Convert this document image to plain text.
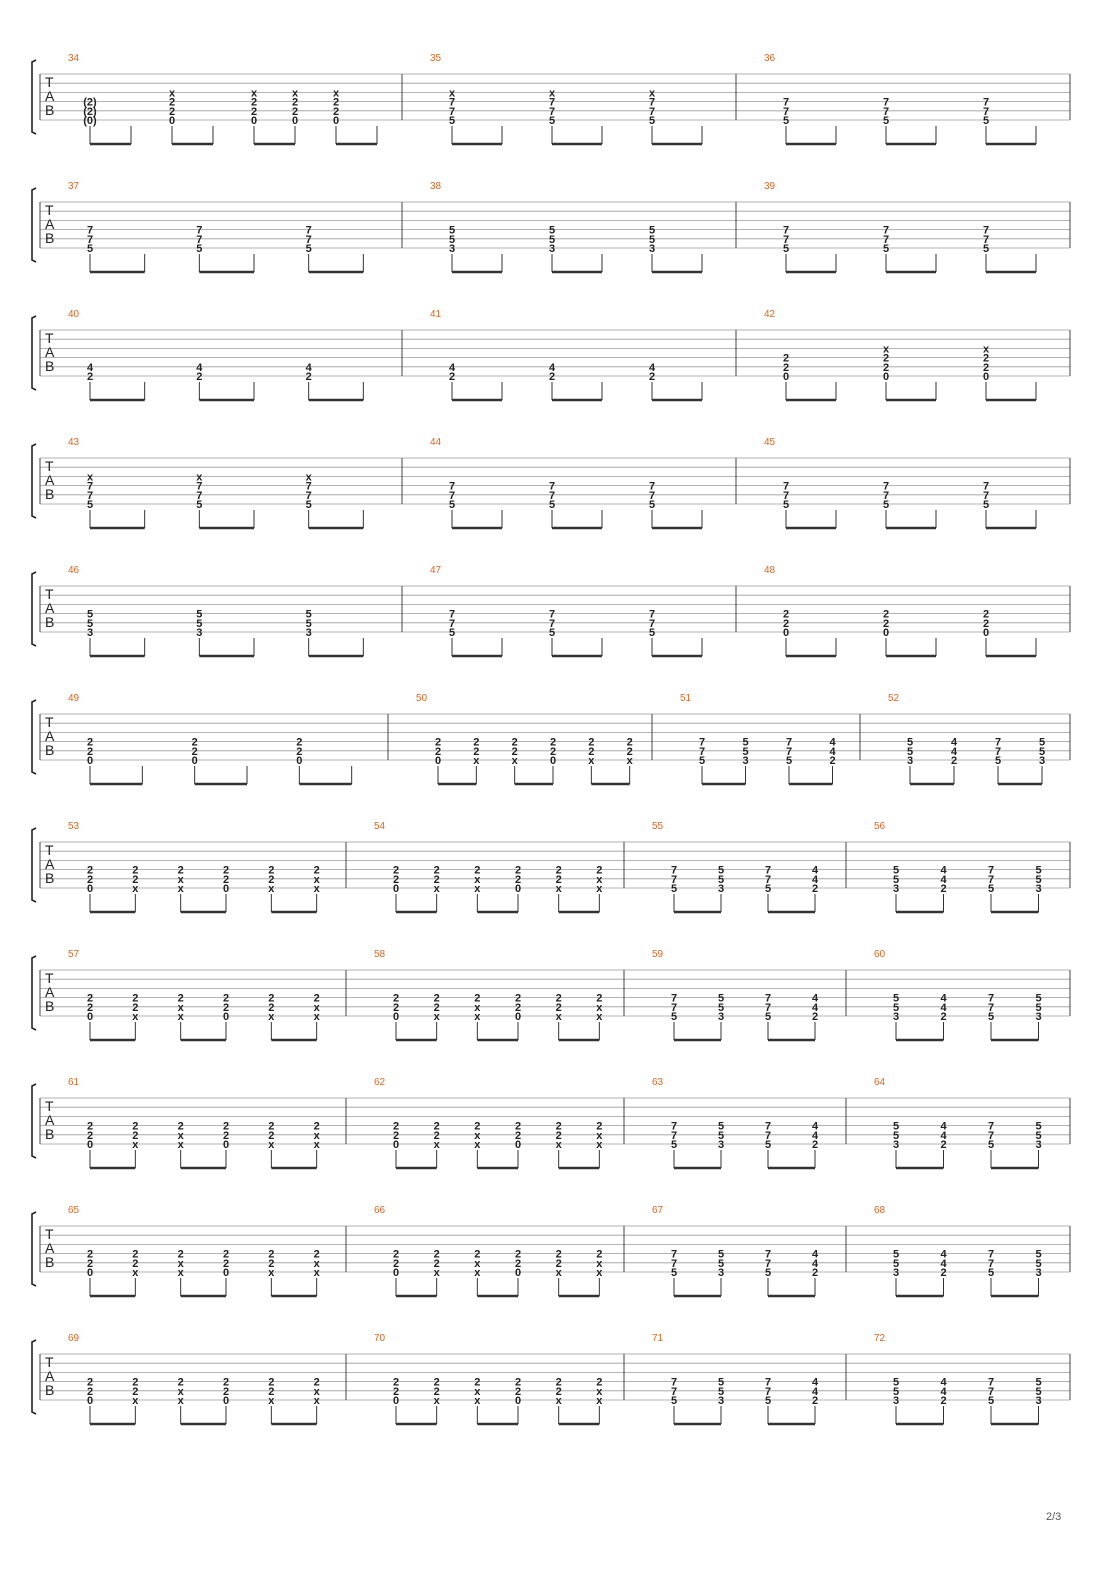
T
A
B
34
(2)
(2)
(0)
x
2
2
0
x
2
2
0
x
2
2
0
x
2
2
0
35
x
7
7
5
x
7
7
5
x
7
7
5
36
7
7
5
7
7
5
7
7
5
T
A
B
37
7
7
5
7
7
5
7
7
5
38
5
5
3
5
5
3
5
5
3
39
7
7
5
7
7
5
7
7
5
T
A
B
40
4
2
4
2
4
2
41
4
2
4
2
4
2
42
2
2
0
x
2
2
0
x
2
2
0
T
A
B
43
x
7
7
5
x
7
7
5
x
7
7
5
44
7
7
5
7
7
5
7
7
5
45
7
7
5
7
7
5
7
7
5
T
A
B
46
5
5
3
5
5
3
5
5
3
47
7
7
5
7
7
5
7
7
5
48
2
2
0
2
2
0
2
2
0
T
A
B
49
2
2
0
2
2
0
2
2
0
50
2
2
0
2
2
x
2
2
x
2
2
0
2
2
x
2
2
x
51
7
7
5
5
5
3
7
7
5
4
4
2
52
5
5
3
4
4
2
7
7
5
5
5
3
T
A
B
53
2
2
0
2
2
x
2
x
x
2
2
0
2
2
x
2
x
x
54
2
2
0
2
2
x
2
x
x
2
2
0
2
2
x
2
x
x
55
7
7
5
5
5
3
7
7
5
4
4
2
56
5
5
3
4
4
2
7
7
5
5
5
3
T
A
B
57
2
2
0
2
2
x
2
x
x
2
2
0
2
2
x
2
x
x
58
2
2
0
2
2
x
2
x
x
2
2
0
2
2
x
2
x
x
59
7
7
5
5
5
3
7
7
5
4
4
2
60
5
5
3
4
4
2
7
7
5
5
5
3
T
A
B
61
2
2
0
2
2
x
2
x
x
2
2
0
2
2
x
2
x
x
62
2
2
0
2
2
x
2
x
x
2
2
0
2
2
x
2
x
x
63
7
7
5
5
5
3
7
7
5
4
4
2
64
5
5
3
4
4
2
7
7
5
5
5
3
T
A
B
65
2
2
0
2
2
x
2
x
x
2
2
0
2
2
x
2
x
x
66
2
2
0
2
2
x
2
x
x
2
2
0
2
2
x
2
x
x
67
7
7
5
5
5
3
7
7
5
4
4
2
68
5
5
3
4
4
2
7
7
5
5
5
3
T
A
B
69
2
2
0
2
2
x
2
x
x
2
2
0
2
2
x
2
x
x
70
2
2
0
2
2
x
2
x
x
2
2
0
2
2
x
2
x
x
71
7
7
5
5
5
3
7
7
5
4
4
2
72
5
5
3
4
4
2
7
7
5
5
5
3
2/3
